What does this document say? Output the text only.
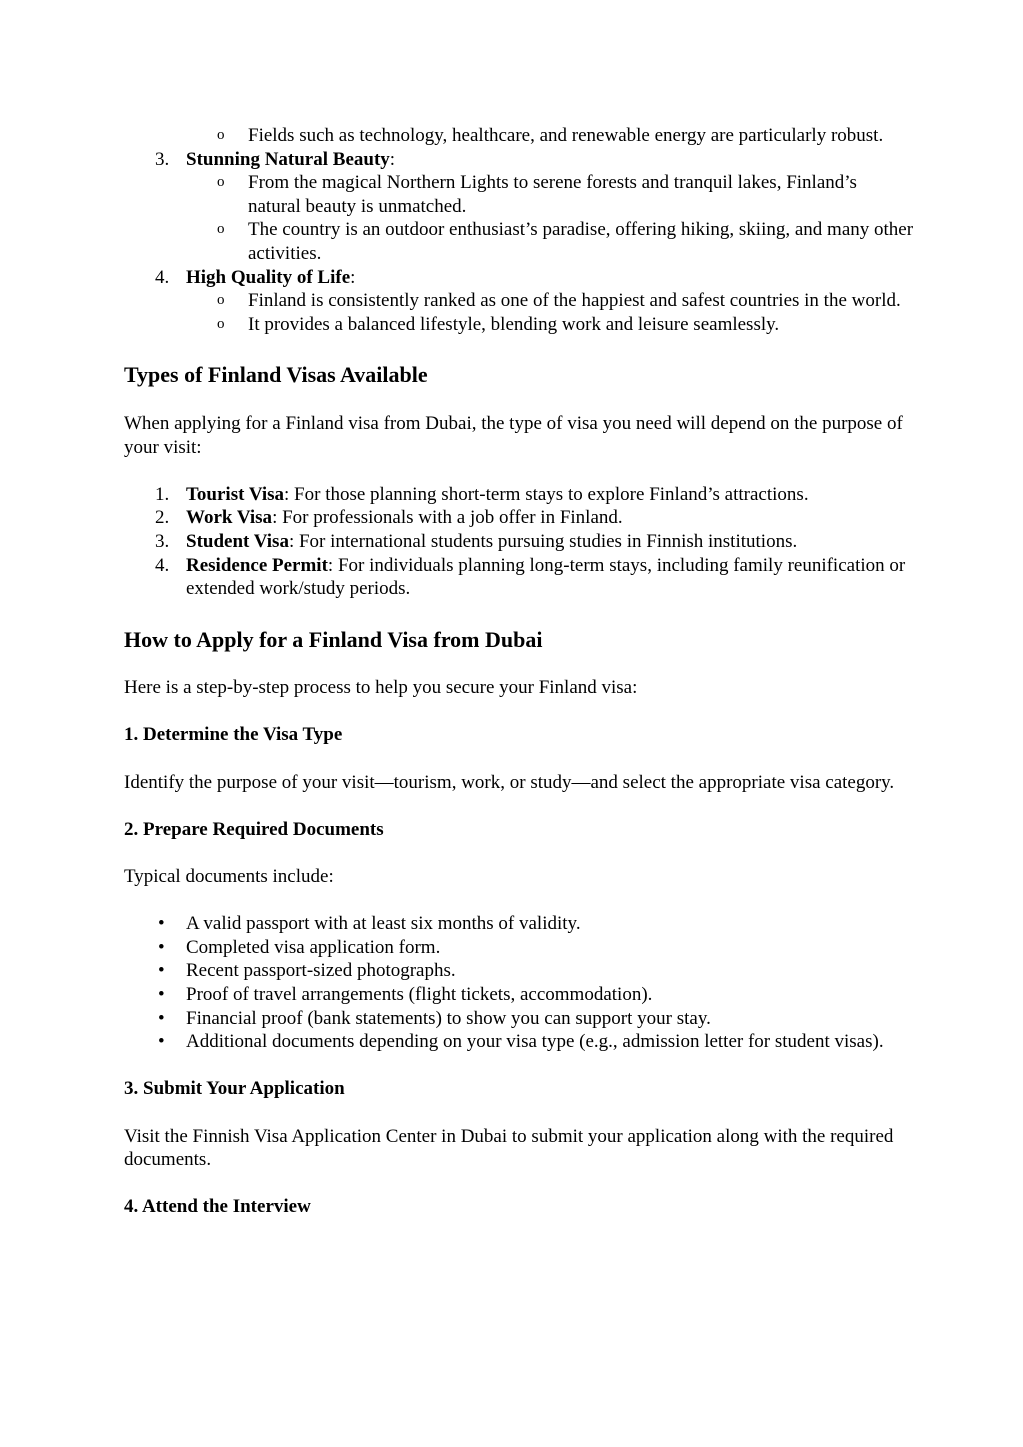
o Fields such as technology, healthcare, and renewable energy are particularly robust.
3. Stunning Natural Beauty:
o From the magical Northern Lights to serene forests and tranquil lakes, Finland’s natural beauty is unmatched.
o The country is an outdoor enthusiast’s paradise, offering hiking, skiing, and many other activities.
4. High Quality of Life:
o Finland is consistently ranked as one of the happiest and safest countries in the world.
o It provides a balanced lifestyle, blending work and leisure seamlessly.
Types of Finland Visas Available

When applying for a Finland visa from Dubai, the type of visa you need will depend on the purpose of your visit:

1. Tourist Visa: For those planning short-term stays to explore Finland’s attractions.
2. Work Visa: For professionals with a job offer in Finland.
3. Student Visa: For international students pursuing studies in Finnish institutions.
4. Residence Permit: For individuals planning long-term stays, including family reunification or extended work/study periods.
How to Apply for a Finland Visa from Dubai

Here is a step-by-step process to help you secure your Finland visa:

1. Determine the Visa Type

Identify the purpose of your visit—tourism, work, or study—and select the appropriate visa category.

2. Prepare Required Documents

Typical documents include:

• A valid passport with at least six months of validity.
• Completed visa application form.
• Recent passport-sized photographs.
• Proof of travel arrangements (flight tickets, accommodation).
• Financial proof (bank statements) to show you can support your stay.
• Additional documents depending on your visa type (e.g., admission letter for student visas).
3. Submit Your Application

Visit the Finnish Visa Application Center in Dubai to submit your application along with the required documents.

4. Attend the Interview
